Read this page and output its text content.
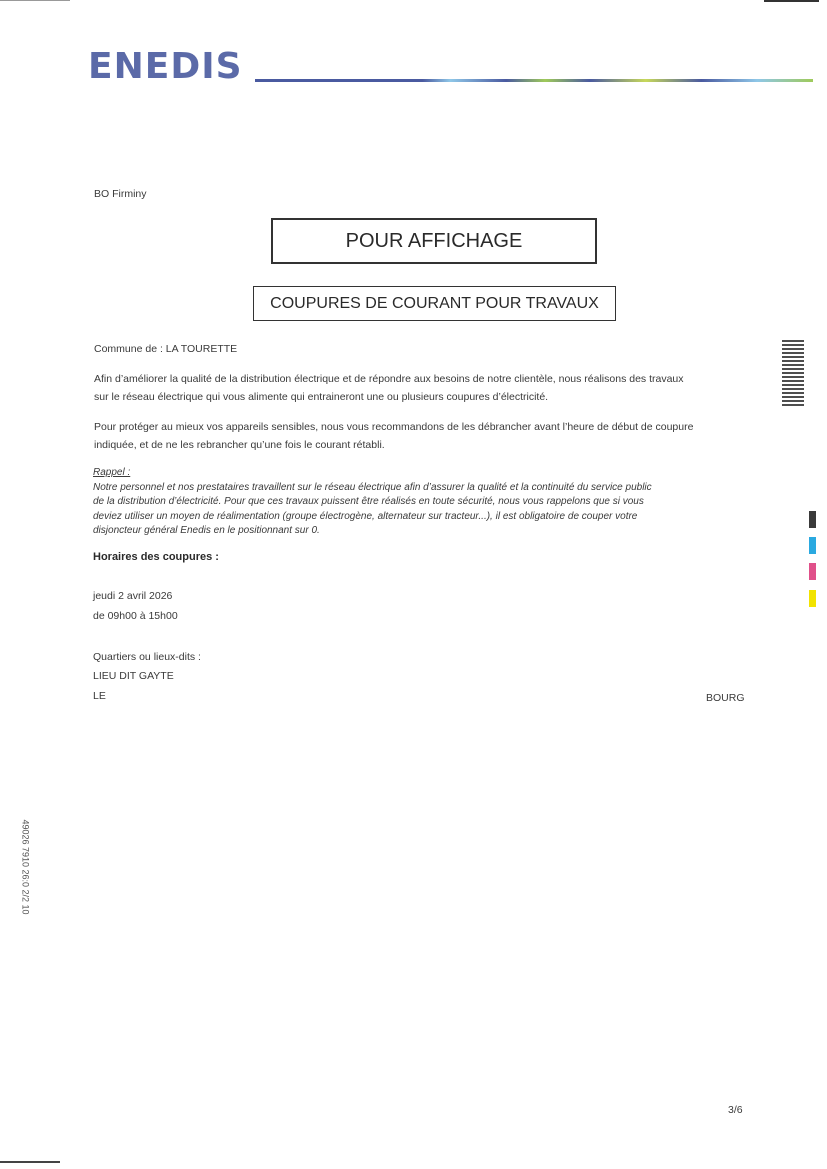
ENEDIS
BO Firminy
POUR AFFICHAGE
COUPURES DE COURANT POUR TRAVAUX
Commune de : LA TOURETTE
Afin d’améliorer la qualité de la distribution électrique et de répondre aux besoins de notre clientèle, nous réalisons des travaux
sur le réseau électrique qui vous alimente qui entraineront une ou plusieurs coupures d’électricité.
Pour protéger au mieux vos appareils sensibles, nous vous recommandons de les débrancher avant l’heure de début de coupure
indiquée, et de ne les rebrancher qu’une fois le courant rétabli.
Rappel :
Notre personnel et nos prestataires travaillent sur le réseau électrique afin d’assurer la qualité et la continuité du service public
de la distribution d’électricité. Pour que ces travaux puissent être réalisés en toute sécurité, nous vous rappelons que si vous
deviez utiliser un moyen de réalimentation (groupe électrogène, alternateur sur tracteur...), il est obligatoire de couper votre
disjoncteur général Enedis en le positionnant sur 0.
Horaires des coupures :
jeudi 2 avril 2026
de 09h00 à 15h00
Quartiers ou lieux-dits :
LIEU DIT GAYTE
LE	BOURG
49026 7910 26:0 2/2 10
3/6
